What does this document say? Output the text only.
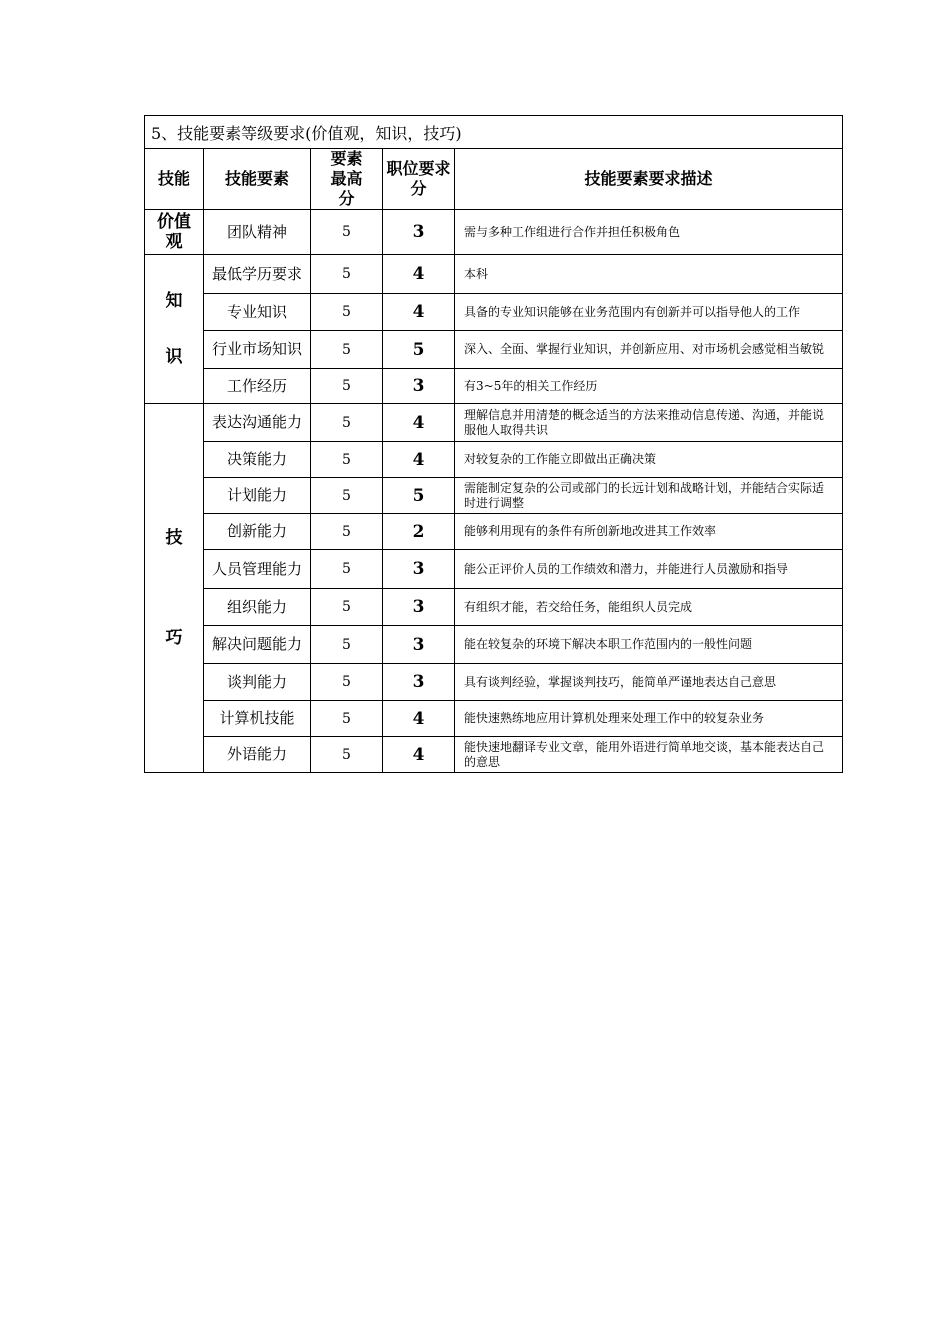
5、技能要素等级要求(价值观，知识，技巧)				
技能	技能要素	要素最高分	职位要求分	技能要素要求描述

价值观	团队精神	5	3	需与多种工作组进行合作并担任积极角色

知识	最低学历要求	5	4	本科
	专业知识	5	4	具备的专业知识能够在业务范围内有创新并可以指导他人的工作
	行业市场知识	5	5	深入、全面、掌握行业知识，并创新应用、对市场机会感觉相当敏锐
	工作经历	5	3	有3~5年的相关工作经历

技巧	表达沟通能力	5	4	理解信息并用清楚的概念适当的方法来推动信息传递、沟通，并能说服他人取得共识
	决策能力	5	4	对较复杂的工作能立即做出正确决策
	计划能力	5	5	需能制定复杂的公司或部门的长远计划和战略计划，并能结合实际适时进行调整
	创新能力	5	2	能够利用现有的条件有所创新地改进其工作效率
	人员管理能力	5	3	能公正评价人员的工作绩效和潜力，并能进行人员激励和指导
	组织能力	5	3	有组织才能，若交给任务，能组织人员完成
	解决问题能力	5	3	能在较复杂的环境下解决本职工作范围内的一般性问题
	谈判能力	5	3	具有谈判经验，掌握谈判技巧，能简单严谨地表达自己意思
	计算机技能	5	4	能快速熟练地应用计算机处理来处理工作中的较复杂业务
	外语能力	5	4	能快速地翻译专业文章，能用外语进行简单地交谈，基本能表达自己的意思
